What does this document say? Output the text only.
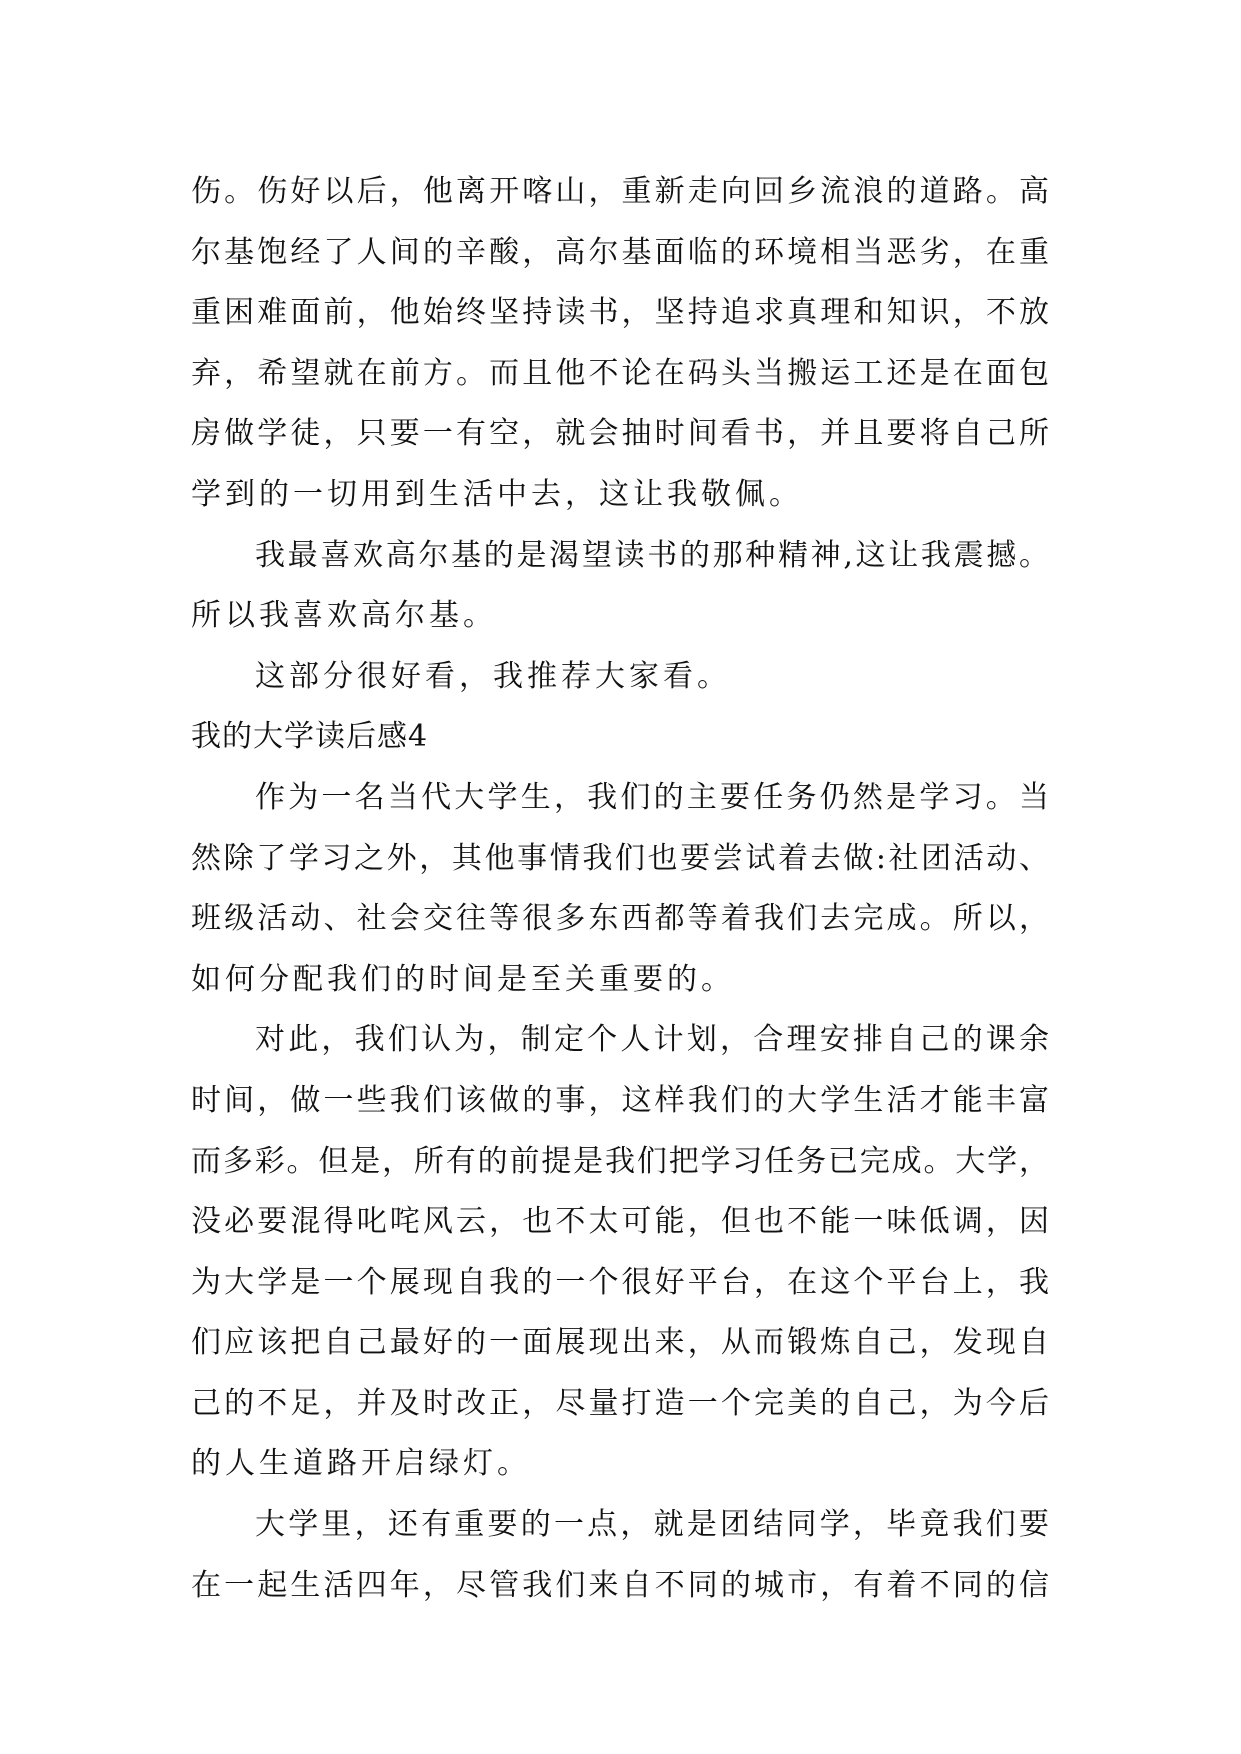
伤。伤好以后，他离开喀山，重新走向回乡流浪的道路。高
尔基饱经了人间的辛酸，高尔基面临的环境相当恶劣，在重
重困难面前，他始终坚持读书，坚持追求真理和知识，不放
弃，希望就在前方。而且他不论在码头当搬运工还是在面包
房做学徒，只要一有空，就会抽时间看书，并且要将自己所
学到的一切用到生活中去，这让我敬佩。
我最喜欢高尔基的是渴望读书的那种精神,这让我震撼。
所以我喜欢高尔基。
这部分很好看，我推荐大家看。
我的大学读后感4
作为一名当代大学生，我们的主要任务仍然是学习。当
然除了学习之外，其他事情我们也要尝试着去做:社团活动、
班级活动、社会交往等很多东西都等着我们去完成。所以，
如何分配我们的时间是至关重要的。
对此，我们认为，制定个人计划，合理安排自己的课余
时间，做一些我们该做的事，这样我们的大学生活才能丰富
而多彩。但是，所有的前提是我们把学习任务已完成。大学，
没必要混得叱咤风云，也不太可能，但也不能一味低调，因
为大学是一个展现自我的一个很好平台，在这个平台上，我
们应该把自己最好的一面展现出来，从而锻炼自己，发现自
己的不足，并及时改正，尽量打造一个完美的自己，为今后
的人生道路开启绿灯。
大学里，还有重要的一点，就是团结同学，毕竟我们要
在一起生活四年，尽管我们来自不同的城市，有着不同的信
